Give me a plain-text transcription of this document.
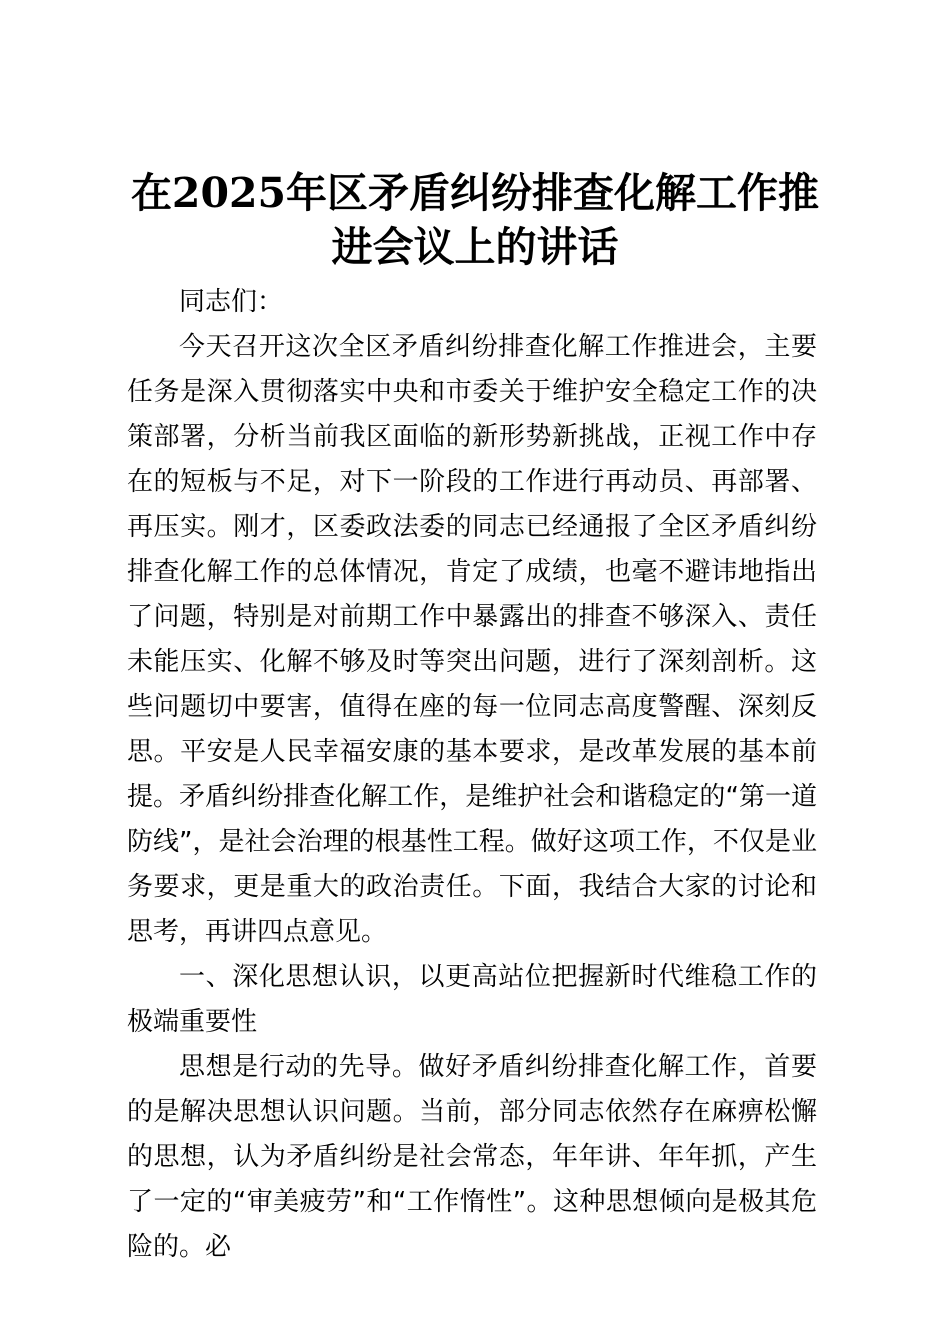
在2025年区矛盾纠纷排查化解工作推进会议上的讲话

同志们：

今天召开这次全区矛盾纠纷排查化解工作推进会，主要任务是深入贯彻落实中央和市委关于维护安全稳定工作的决策部署，分析当前我区面临的新形势新挑战，正视工作中存在的短板与不足，对下一阶段的工作进行再动员、再部署、再压实。刚才，区委政法委的同志已经通报了全区矛盾纠纷排查化解工作的总体情况，肯定了成绩，也毫不避讳地指出了问题，特别是对前期工作中暴露出的排查不够深入、责任未能压实、化解不够及时等突出问题，进行了深刻剖析。这些问题切中要害，值得在座的每一位同志高度警醒、深刻反思。平安是人民幸福安康的基本要求，是改革发展的基本前提。矛盾纠纷排查化解工作，是维护社会和谐稳定的“第一道防线”，是社会治理的根基性工程。做好这项工作，不仅是业务要求，更是重大的政治责任。下面，我结合大家的讨论和思考，再讲四点意见。

一、深化思想认识，以更高站位把握新时代维稳工作的极端重要性

思想是行动的先导。做好矛盾纠纷排查化解工作，首要的是解决思想认识问题。当前，部分同志依然存在麻痹松懈的思想，认为矛盾纠纷是社会常态，年年讲、年年抓，产生了一定的“审美疲劳”和“工作惰性”。这种思想倾向是极其危险的。必
